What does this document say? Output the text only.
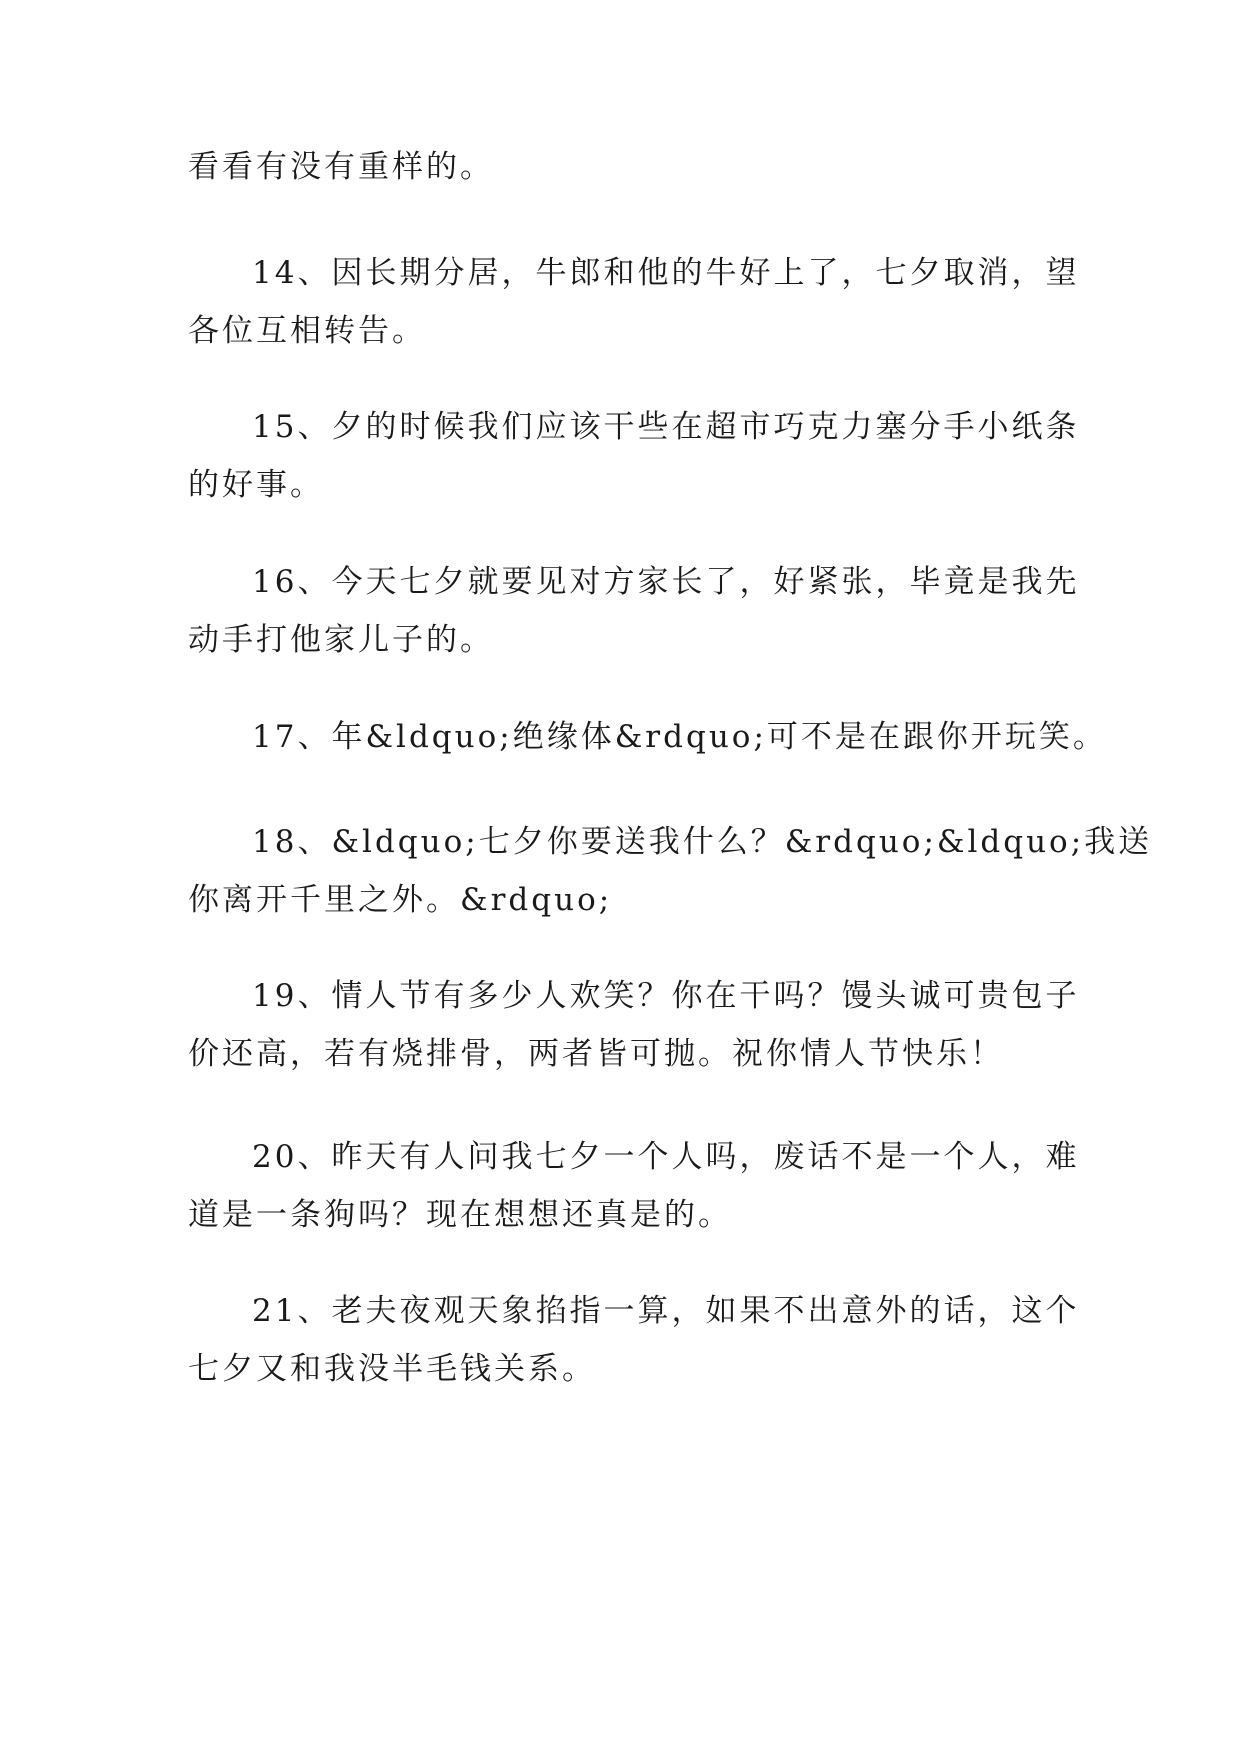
看看有没有重样的。

14、因长期分居，牛郎和他的牛好上了，七夕取消，望
各位互相转告。

15、夕的时候我们应该干些在超市巧克力塞分手小纸条
的好事。

16、今天七夕就要见对方家长了，好紧张，毕竟是我先
动手打他家儿子的。

17、年&ldquo;绝缘体&rdquo;可不是在跟你开玩笑。

18、&ldquo;七夕你要送我什么？&rdquo;&ldquo;我送
你离开千里之外。&rdquo;

19、情人节有多少人欢笑？你在干吗？馒头诚可贵包子
价还高，若有烧排骨，两者皆可抛。祝你情人节快乐！

20、昨天有人问我七夕一个人吗，废话不是一个人，难
道是一条狗吗？现在想想还真是的。

21、老夫夜观天象掐指一算，如果不出意外的话，这个
七夕又和我没半毛钱关系。
